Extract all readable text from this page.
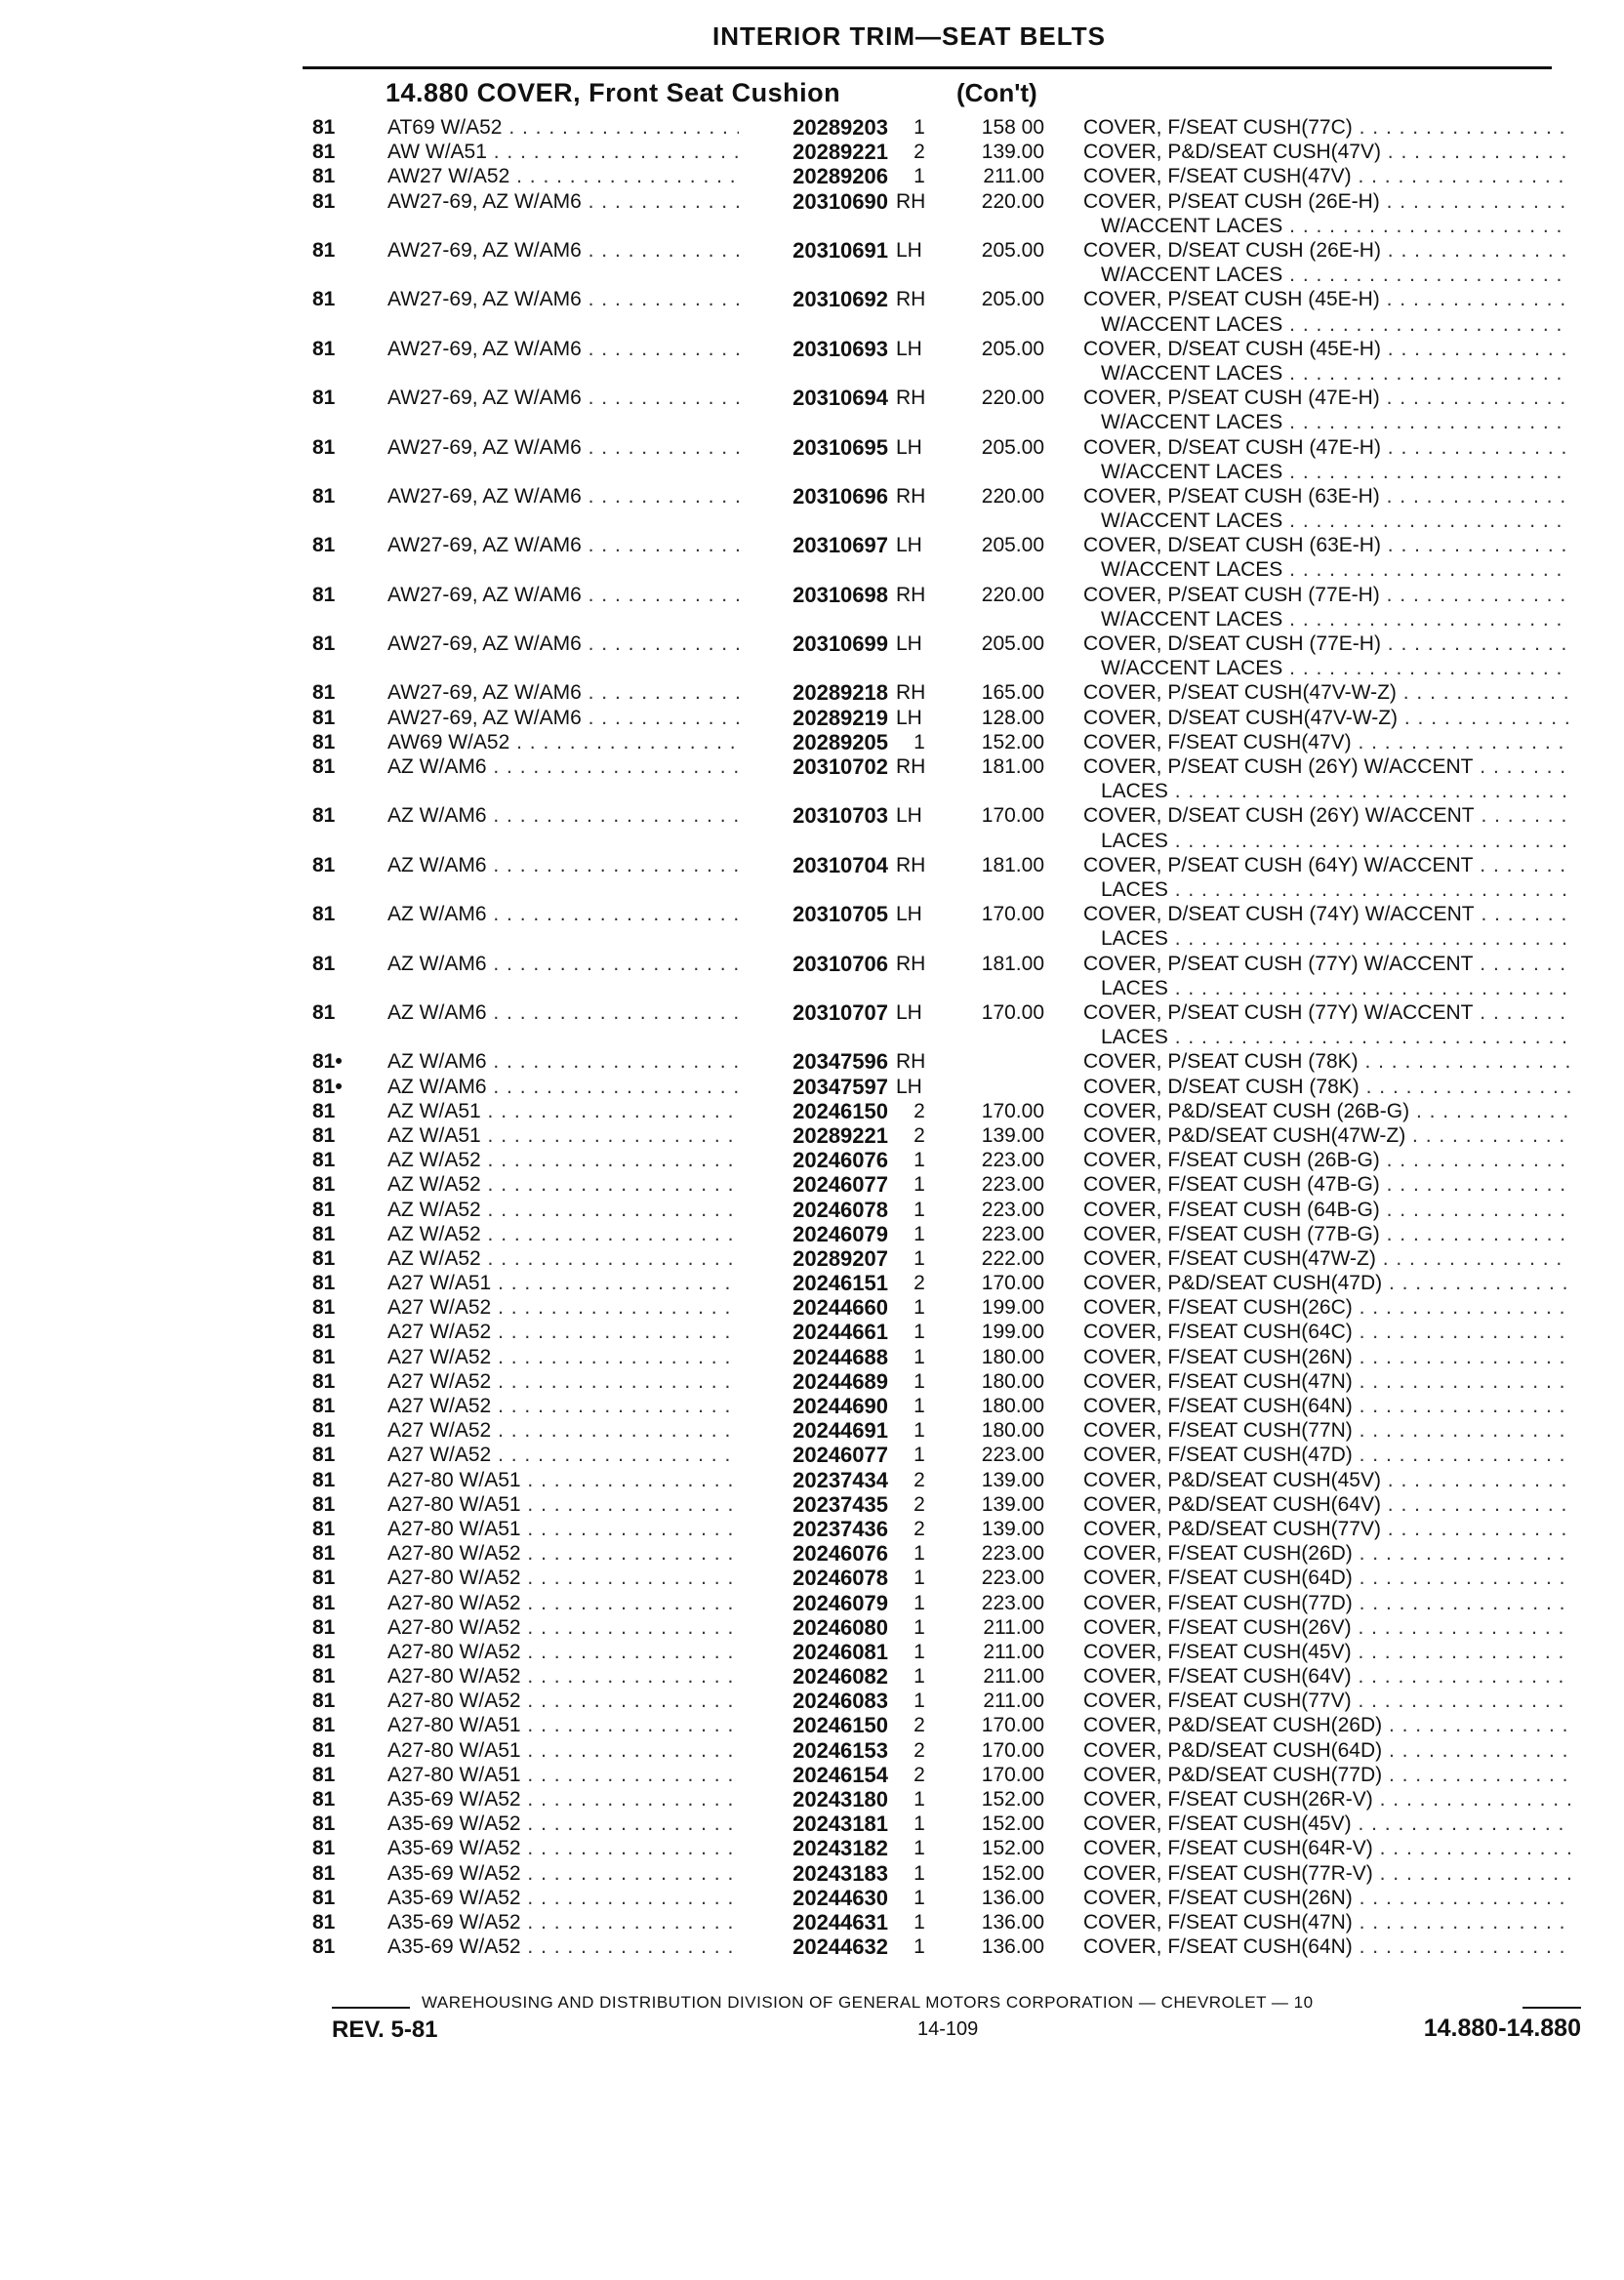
INTERIOR TRIM—SEAT BELTS
14.880 COVER, Front Seat Cushion	(Con't)
81	AT69 W/A52 . . .	20289203	1	158 00 COVER, F/SEAT CUSH(77C) . . .
81	AW W/A51 . . .	20289221	2	139.00 COVER, P&D/SEAT CUSH(47V) . . .
81	AW27 W/A52 . . .	20289206	1	211.00 COVER, F/SEAT CUSH(47V) . . .
81	AW27-69, AZ W/AM6 . . .	20310690 RH	220.00 COVER, P/SEAT CUSH (26E-H) . . .
W/ACCENT LACES . . .
81	AW27-69, AZ W/AM6 . . .	20310691 LH	205.00 COVER, D/SEAT CUSH (26E-H) . . .
W/ACCENT LACES . . .
81	AW27-69, AZ W/AM6 . . .	20310692 RH	205.00 COVER, P/SEAT CUSH (45E-H) . . .
W/ACCENT LACES . . .
81	AW27-69, AZ W/AM6 . . .	20310693 LH	205.00 COVER, D/SEAT CUSH (45E-H) . . .
W/ACCENT LACES . . .
81	AW27-69, AZ W/AM6 . . .	20310694 RH	220.00 COVER, P/SEAT CUSH (47E-H) . . .
W/ACCENT LACES . . .
81	AW27-69, AZ W/AM6 . . .	20310695 LH	205.00 COVER, D/SEAT CUSH (47E-H) . . .
W/ACCENT LACES . . .
81	AW27-69, AZ W/AM6 . . .	20310696 RH	220.00 COVER, P/SEAT CUSH (63E-H) . . .
W/ACCENT LACES . . .
81	AW27-69, AZ W/AM6 . . .	20310697 LH	205.00 COVER, D/SEAT CUSH (63E-H) . . .
W/ACCENT LACES . . .
81	AW27-69, AZ W/AM6 . . .	20310698 RH	220.00 COVER, P/SEAT CUSH (77E-H) . . .
W/ACCENT LACES . . .
81	AW27-69, AZ W/AM6 . . .	20310699 LH	205.00 COVER, D/SEAT CUSH (77E-H) . . .
W/ACCENT LACES . . .
81	AW27-69, AZ W/AM6 . . .	20289218 RH	165.00 COVER, P/SEAT CUSH(47V-W-Z) . . .
81	AW27-69, AZ W/AM6 . . .	20289219 LH	128.00 COVER, D/SEAT CUSH(47V-W-Z) . . .
81	AW69 W/A52 . . .	20289205	1	152.00 COVER, F/SEAT CUSH(47V) . . .
81	AZ W/AM6 . . .	20310702 RH	181.00 COVER, P/SEAT CUSH (26Y) W/ACCENT . . .
LACES . . .
81	AZ W/AM6 . . .	20310703 LH	170.00 COVER, D/SEAT CUSH (26Y) W/ACCENT . . .
LACES . . .
81	AZ W/AM6 . . .	20310704 RH	181.00 COVER, P/SEAT CUSH (64Y) W/ACCENT . . .
LACES . . .
81	AZ W/AM6 . . .	20310705 LH	170.00 COVER, D/SEAT CUSH (74Y) W/ACCENT . . .
LACES . . .
81	AZ W/AM6 . . .	20310706 RH	181.00 COVER, P/SEAT CUSH (77Y) W/ACCENT . . .
LACES . . .
81	AZ W/AM6 . . .	20310707 LH	170.00 COVER, P/SEAT CUSH (77Y) W/ACCENT . . .
LACES . . .
81• AZ W/AM6 . . .	20347596 RH	COVER, P/SEAT CUSH (78K) . . .
81• AZ W/AM6 . . .	20347597 LH	COVER, D/SEAT CUSH (78K) . . .
81	AZ W/A51 . . .	20246150	2	170.00 COVER, P&D/SEAT CUSH (26B-G) . . .
81	AZ W/A51 . . .	20289221	2	139.00 COVER, P&D/SEAT CUSH(47W-Z) . . .
81	AZ W/A52 . . .	20246076	1	223.00 COVER, F/SEAT CUSH (26B-G) . . .
81	AZ W/A52 . . .	20246077	1	223.00 COVER, F/SEAT CUSH (47B-G) . . .
81	AZ W/A52 . . .	20246078	1	223.00 COVER, F/SEAT CUSH (64B-G) . . .
81	AZ W/A52 . . .	20246079	1	223.00 COVER, F/SEAT CUSH (77B-G) . . .
81	AZ W/A52 . . .	20289207	1	222.00 COVER, F/SEAT CUSH(47W-Z) . . .
81	A27 W/A51 . . .	20246151	2	170.00 COVER, P&D/SEAT CUSH(47D) . . .
81	A27 W/A52 . . .	20244660	1	199.00 COVER, F/SEAT CUSH(26C) . . .
81	A27 W/A52 . . .	20244661	1	199.00 COVER, F/SEAT CUSH(64C) . . .
81	A27 W/A52 . . .	20244688	1	180.00 COVER, F/SEAT CUSH(26N) . . .
81	A27 W/A52 . . .	20244689	1	180.00 COVER, F/SEAT CUSH(47N) . . .
81	A27 W/A52 . . .	20244690	1	180.00 COVER, F/SEAT CUSH(64N) . . .
81	A27 W/A52 . . .	20244691	1	180.00 COVER, F/SEAT CUSH(77N) . . .
81	A27 W/A52 . . .	20246077	1	223.00 COVER, F/SEAT CUSH(47D) . . .
81	A27-80 W/A51 . . .	20237434	2	139.00 COVER, P&D/SEAT CUSH(45V) . . .
81	A27-80 W/A51 . . .	20237435	2	139.00 COVER, P&D/SEAT CUSH(64V) . . .
81	A27-80 W/A51 . . .	20237436	2	139.00 COVER, P&D/SEAT CUSH(77V) . . .
81	A27-80 W/A52 . . .	20246076	1	223.00 COVER, F/SEAT CUSH(26D) . . .
81	A27-80 W/A52 . . .	20246078	1	223.00 COVER, F/SEAT CUSH(64D) . . .
81	A27-80 W/A52 . . .	20246079	1	223.00 COVER, F/SEAT CUSH(77D) . . .
81	A27-80 W/A52 . . .	20246080	1	211.00 COVER, F/SEAT CUSH(26V) . . .
81	A27-80 W/A52 . . .	20246081	1	211.00 COVER, F/SEAT CUSH(45V) . . .
81	A27-80 W/A52 . . .	20246082	1	211.00 COVER, F/SEAT CUSH(64V) . . .
81	A27-80 W/A52 . . .	20246083	1	211.00 COVER, F/SEAT CUSH(77V) . . .
81	A27-80 W/A51 . . .	20246150	2	170.00 COVER, P&D/SEAT CUSH(26D) . . .
81	A27-80 W/A51 . . .	20246153	2	170.00 COVER, P&D/SEAT CUSH(64D) . . .
81	A27-80 W/A51 . . .	20246154	2	170.00 COVER, P&D/SEAT CUSH(77D) . . .
81	A35-69 W/A52 . . .	20243180	1	152.00 COVER, F/SEAT CUSH(26R-V) . . .
81	A35-69 W/A52 . . .	20243181	1	152.00 COVER, F/SEAT CUSH(45V) . . .
81	A35-69 W/A52 . . .	20243182	1	152.00 COVER, F/SEAT CUSH(64R-V) . . .
81	A35-69 W/A52 . . .	20243183	1	152.00 COVER, F/SEAT CUSH(77R-V) . . .
81	A35-69 W/A52 . . .	20244630	1	136.00 COVER, F/SEAT CUSH(26N) . . .
81	A35-69 W/A52 . . .	20244631	1	136.00 COVER, F/SEAT CUSH(47N) . . .
81	A35-69 W/A52 . . .	20244632	1	136.00 COVER, F/SEAT CUSH(64N) . . .
WAREHOUSING AND DISTRIBUTION DIVISION OF GENERAL MOTORS CORPORATION — CHEVROLET — 10
REV. 5-81	14-109	14.880-14.880
